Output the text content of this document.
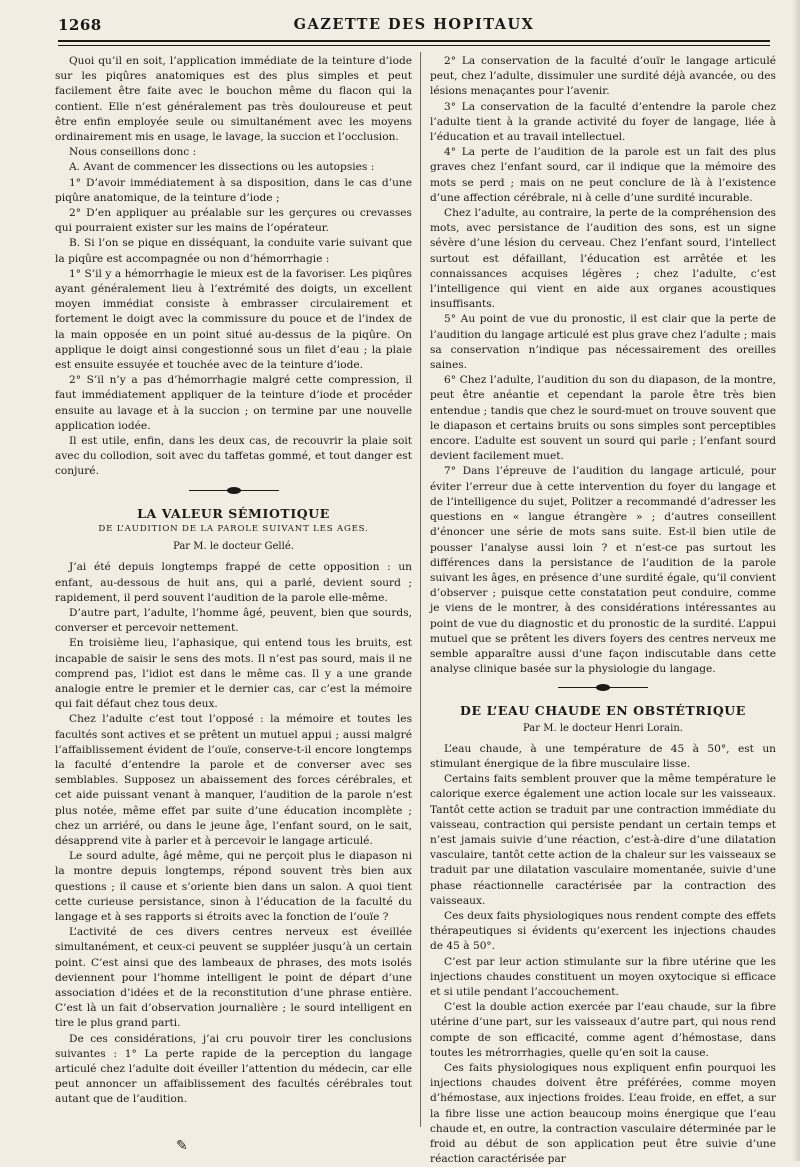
1268	GAZETTE DES HOPITAUX

Quoi qu’il en soit, l’application immédiate de la teinture d’iode sur les piqûres anatomiques est des plus simples et peut facilement être faite avec le bouchon même du flacon qui la contient. Elle n’est généralement pas très douloureuse et peut être enfin employée seule ou simultanément avec les moyens ordinairement mis en usage, le lavage, la succion et l’occlusion.

Nous conseillons donc :

A. Avant de commencer les dissections ou les autopsies :

1° D’avoir immédiatement à sa disposition, dans le cas d’une piqûre anatomique, de la teinture d’iode ;

2° D’en appliquer au préalable sur les gerçures ou crevasses qui pourraient exister sur les mains de l’opérateur.

B. Si l’on se pique en disséquant, la conduite varie suivant que la piqûre est accompagnée ou non d’hémorrhagie :

1° S’il y a hémorrhagie le mieux est de la favoriser. Les piqûres ayant généralement lieu à l’extrémité des doigts, un excellent moyen immédiat consiste à embrasser circulairement et fortement le doigt avec la commissure du pouce et de l’index de la main opposée en un point situé au-dessus de la piqûre. On applique le doigt ainsi congestionné sous un filet d’eau ; la plaie est ensuite essuyée et touchée avec de la teinture d’iode.

2° S’il n’y a pas d’hémorrhagie malgré cette compression, il faut immédiatement appliquer de la teinture d’iode et procéder ensuite au lavage et à la succion ; on termine par une nouvelle application iodée.

Il est utile, enfin, dans les deux cas, de recouvrir la plaie soit avec du collodion, soit avec du taffetas gommé, et tout danger est conjuré.

LA VALEUR SÉMIOTIQUE
DE L’AUDITION DE LA PAROLE SUIVANT LES AGES.
Par M. le docteur Gellé.

J’ai été depuis longtemps frappé de cette opposition : un enfant, au-dessous de huit ans, qui a parlé, devient sourd ; rapidement, il perd souvent l’audition de la parole elle-même.

D’autre part, l’adulte, l’homme âgé, peuvent, bien que sourds, converser et percevoir nettement.

En troisième lieu, l’aphasique, qui entend tous les bruits, est incapable de saisir le sens des mots. Il n’est pas sourd, mais il ne comprend pas, l’idiot est dans le même cas. Il y a une grande analogie entre le premier et le dernier cas, car c’est la mémoire qui fait défaut chez tous deux.

Chez l’adulte c’est tout l’opposé : la mémoire et toutes les facultés sont actives et se prêtent un mutuel appui ; aussi malgré l’affaiblissement évident de l’ouïe, conserve-t-il encore longtemps la faculté d’entendre la parole et de converser avec ses semblables. Supposez un abaissement des forces cérébrales, et cet aide puissant venant à manquer, l’audition de la parole n’est plus notée, même effet par suite d’une éducation incomplète ; chez un arriéré, ou dans le jeune âge, l’enfant sourd, on le sait, désapprend vite à parler et à percevoir le langage articulé.

Le sourd adulte, âgé même, qui ne perçoit plus le diapason ni la montre depuis longtemps, répond souvent très bien aux questions ; il cause et s’oriente bien dans un salon. A quoi tient cette curieuse persistance, sinon à l’éducation de la faculté du langage et à ses rapports si étroits avec la fonction de l’ouïe ?

L’activité de ces divers centres nerveux est éveillée simultanément, et ceux-ci peuvent se suppléer jusqu’à un certain point. C’est ainsi que des lambeaux de phrases, des mots isolés deviennent pour l’homme intelligent le point de départ d’une association d’idées et de la reconstitution d’une phrase entière. C’est là un fait d’observation journalière ; le sourd intelligent en tire le plus grand parti.

De ces considérations, j’ai cru pouvoir tirer les conclusions suivantes : 1° La perte rapide de la perception du langage articulé chez l’adulte doit éveiller l’attention du médecin, car elle peut annoncer un affaiblissement des facultés cérébrales tout autant que de l’audition.

2° La conservation de la faculté d’ouïr le langage articulé peut, chez l’adulte, dissimuler une surdité déjà avancée, ou des lésions menaçantes pour l’avenir.

3° La conservation de la faculté d’entendre la parole chez l’adulte tient à la grande activité du foyer de langage, liée à l’éducation et au travail intellectuel.

4° La perte de l’audition de la parole est un fait des plus graves chez l’enfant sourd, car il indique que la mémoire des mots se perd ; mais on ne peut conclure de là à l’existence d’une affection cérébrale, ni à celle d’une surdité incurable.

Chez l’adulte, au contraire, la perte de la compréhension des mots, avec persistance de l’audition des sons, est un signe sévère d’une lésion du cerveau. Chez l’enfant sourd, l’intellect surtout est défaillant, l’éducation est arrêtée et les connaissances acquises légères ; chez l’adulte, c’est l’intelligence qui vient en aide aux organes acoustiques insuffisants.

5° Au point de vue du pronostic, il est clair que la perte de l’audition du langage articulé est plus grave chez l’adulte ; mais sa conservation n’indique pas nécessairement des oreilles saines.

6° Chez l’adulte, l’audition du son du diapason, de la montre, peut être anéantie et cependant la parole être très bien entendue ; tandis que chez le sourd-muet on trouve souvent que le diapason et certains bruits ou sons simples sont perceptibles encore. L’adulte est souvent un sourd qui parle ; l’enfant sourd devient facilement muet.

7° Dans l’épreuve de l’audition du langage articulé, pour éviter l’erreur due à cette intervention du foyer du langage et de l’intelligence du sujet, Politzer a recommandé d’adresser les questions en « langue étrangère » ; d’autres conseillent d’énoncer une série de mots sans suite. Est-il bien utile de pousser l’analyse aussi loin ? et n’est-ce pas surtout les différences dans la persistance de l’audition de la parole suivant les âges, en présence d’une surdité égale, qu’il convient d’observer ; puisque cette constatation peut conduire, comme je viens de le montrer, à des considérations intéressantes au point de vue du diagnostic et du pronostic de la surdité. L’appui mutuel que se prêtent les divers foyers des centres nerveux me semble apparaître aussi d’une façon indiscutable dans cette analyse clinique basée sur la physiologie du langage.

DE L’EAU CHAUDE EN OBSTÉTRIQUE
Par M. le docteur Henri Lorain.

L’eau chaude, à une température de 45 à 50°, est un stimulant énergique de la fibre musculaire lisse.

Certains faits semblent prouver que la même température le calorique exerce également une action locale sur les vaisseaux. Tantôt cette action se traduit par une contraction immédiate du vaisseau, contraction qui persiste pendant un certain temps et n’est jamais suivie d’une réaction, c’est-à-dire d’une dilatation vasculaire, tantôt cette action de la chaleur sur les vaisseaux se traduit par une dilatation vasculaire momentanée, suivie d’une phase réactionnelle caractérisée par la contraction des vaisseaux.

Ces deux faits physiologiques nous rendent compte des effets thérapeutiques si évidents qu’exercent les injections chaudes de 45 à 50°.

C’est par leur action stimulante sur la fibre utérine que les injections chaudes constituent un moyen oxytocique si efficace et si utile pendant l’accouchement.

C’est la double action exercée par l’eau chaude, sur la fibre utérine d’une part, sur les vaisseaux d’autre part, qui nous rend compte de son efficacité, comme agent d’hémostase, dans toutes les métrorrhagies, quelle qu’en soit la cause.

Ces faits physiologiques nous expliquent enfin pourquoi les injections chaudes doivent être préférées, comme moyen d’hémostase, aux injections froides. L’eau froide, en effet, a sur la fibre lisse une action beaucoup moins énergique que l’eau chaude et, en outre, la contraction vasculaire déterminée par le froid au début de son application peut être suivie d’une réaction caractérisée par

✎
